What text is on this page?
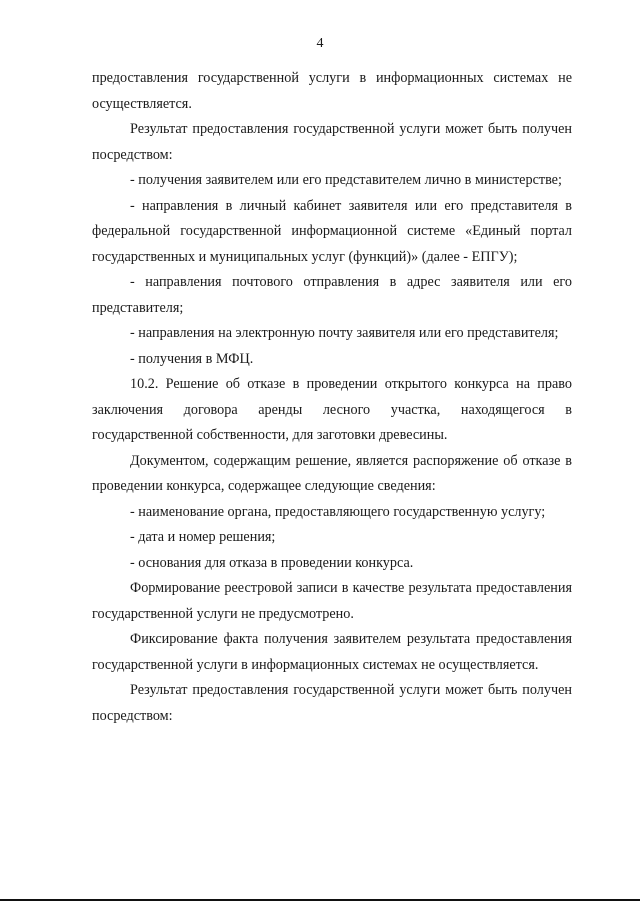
4

предоставления государственной услуги в информационных системах не осуществляется.

Результат предоставления государственной услуги может быть получен посредством:

- получения заявителем или его представителем лично в министерстве;

- направления в личный кабинет заявителя или его представителя в федеральной государственной информационной системе «Единый портал государственных и муниципальных услуг (функций)» (далее - ЕПГУ);

- направления почтового отправления в адрес заявителя или его представителя;

- направления на электронную почту заявителя или его представителя;

- получения в МФЦ.

10.2. Решение об отказе в проведении открытого конкурса на право заключения договора аренды лесного участка, находящегося в государственной собственности, для заготовки древесины.

Документом, содержащим решение, является распоряжение об отказе в проведении конкурса, содержащее следующие сведения:

- наименование органа, предоставляющего государственную услугу;

- дата и номер решения;

- основания для отказа в проведении конкурса.

Формирование реестровой записи в качестве результата предоставления государственной услуги не предусмотрено.

Фиксирование факта получения заявителем результата предоставления государственной услуги в информационных системах не осуществляется.

Результат предоставления государственной услуги может быть получен посредством:
